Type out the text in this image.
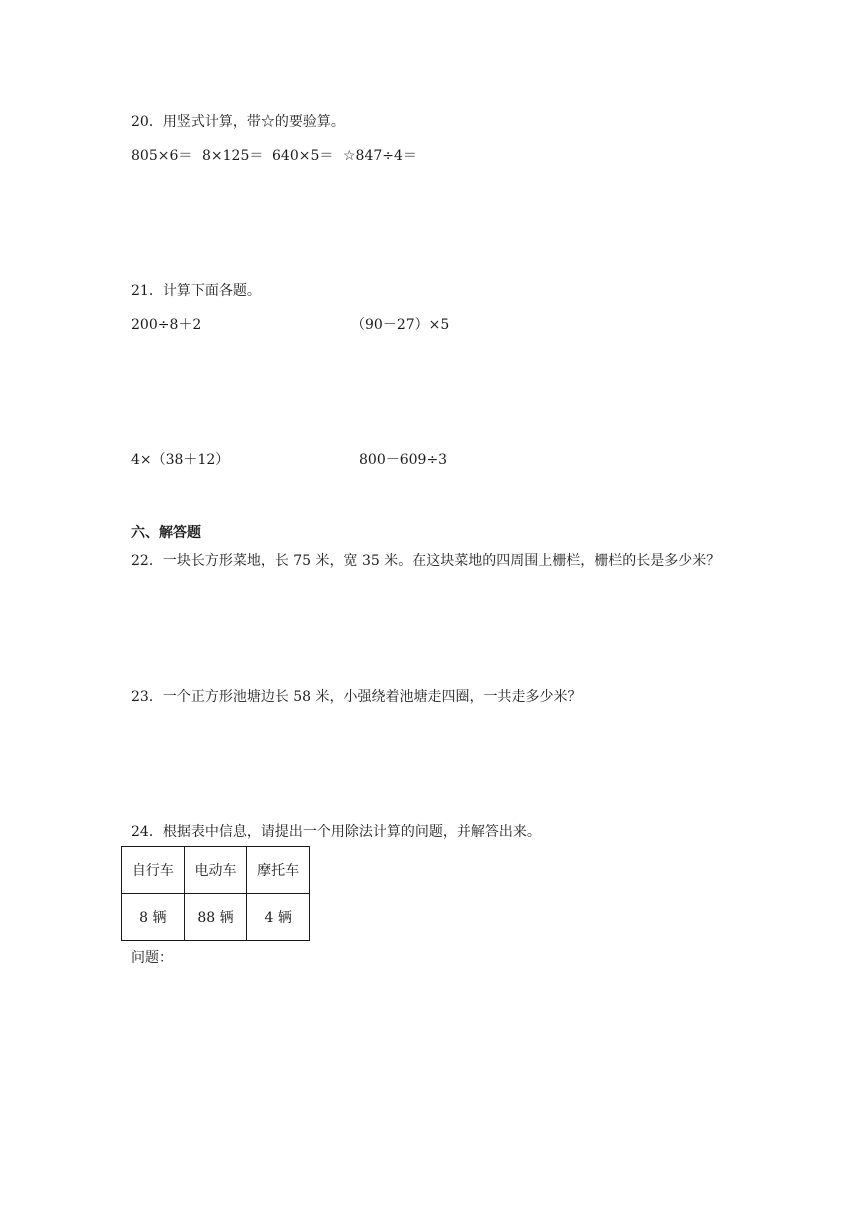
20．用竖式计算，带☆的要验算。
805×6＝ 8×125＝ 640×5＝ ☆847÷4＝
21．计算下面各题。
200÷8＋2	（90－27）×5
4×（38＋12）	800－609÷3
六、解答题
22．一块长方形菜地，长 75 米，宽 35 米。在这块菜地的四周围上栅栏，栅栏的长是多少米？
23．一个正方形池塘边长 58 米，小强绕着池塘走四圈，一共走多少米？
24．根据表中信息，请提出一个用除法计算的问题，并解答出来。
自行车	电动车	摩托车
8 辆	88 辆	4 辆
问题：
